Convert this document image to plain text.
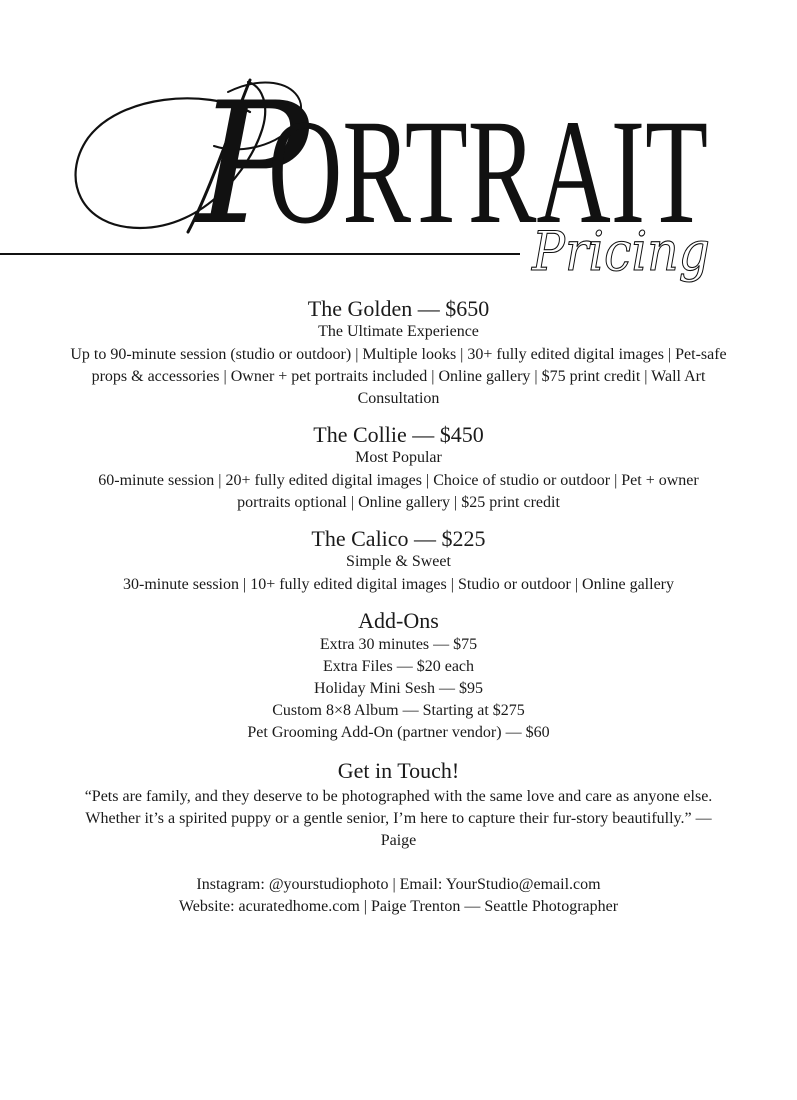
P
ORTRAIT
Pricing
The Golden — $650

The Ultimate Experience

Up to 90-minute session (studio or outdoor) | Multiple looks | 30+ fully edited digital images | Pet-safe props & accessories | Owner + pet portraits included | Online gallery | $75 print credit | Wall Art Consultation

The Collie — $450

Most Popular

60-minute session | 20+ fully edited digital images | Choice of studio or outdoor | Pet + owner portraits optional | Online gallery | $25 print credit

The Calico — $225

Simple & Sweet

30-minute session | 10+ fully edited digital images | Studio or outdoor | Online gallery

Add-Ons

Extra 30 minutes — $75

Extra Files — $20 each

Holiday Mini Sesh — $95

Custom 8×8 Album — Starting at $275

Pet Grooming Add-On (partner vendor) — $60

Get in Touch!

“Pets are family, and they deserve to be photographed with the same love and care as anyone else. Whether it’s a spirited puppy or a gentle senior, I’m here to capture their fur-story beautifully.” — Paige

Instagram: @yourstudiophoto | Email: YourStudio@email.com

Website: acuratedhome.com | Paige Trenton — Seattle Photographer
